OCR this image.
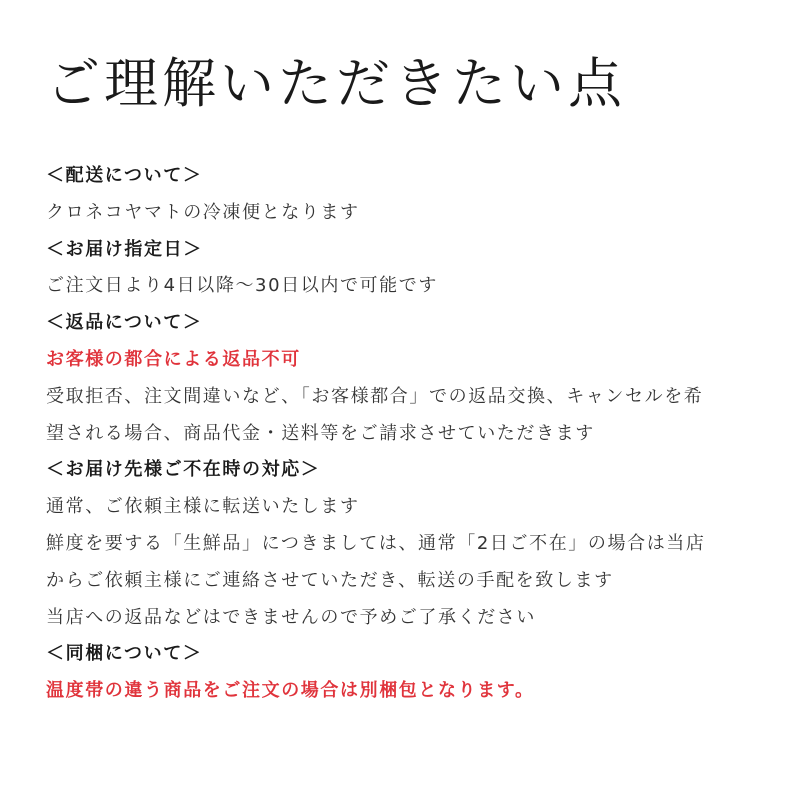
ご理解いただきたい点
＜配送について＞
クロネコヤマトの冷凍便となります
＜お届け指定日＞
ご注文日より4日以降〜30日以内で可能です
＜返品について＞
お客様の都合による返品不可
受取拒否、注文間違いなど、「お客様都合」での返品交換、キャンセルを希
望される場合、商品代金・送料等をご請求させていただきます
＜お届け先様ご不在時の対応＞
通常、ご依頼主様に転送いたします
鮮度を要する「生鮮品」につきましては、通常「2日ご不在」の場合は当店
からご依頼主様にご連絡させていただき、転送の手配を致します
当店への返品などはできませんので予めご了承ください
＜同梱について＞
温度帯の違う商品をご注文の場合は別梱包となります。
